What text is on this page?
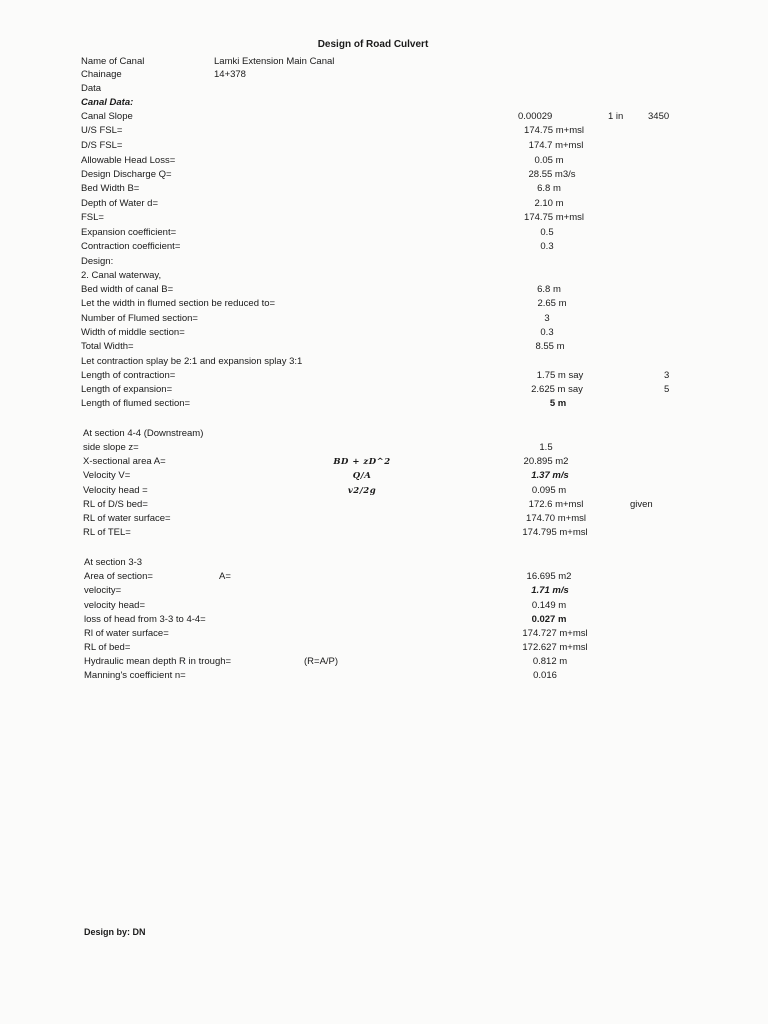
Design of Road Culvert
Name of Canal	Lamki Extension Main Canal
Chainage	14+378
Data
Canal Data:
Canal Slope	0.00029	1 in	3450
U/S FSL=	174.75 m+msl
D/S FSL=	174.7 m+msl
Allowable Head Loss=	0.05 m
Design Discharge Q=	28.55 m3/s
Bed Width B=	6.8 m
Depth of Water d=	2.10 m
FSL=	174.75 m+msl
Expansion coefficient=	0.5
Contraction coefficient=	0.3
Design:
2. Canal waterway,
Bed width of canal B=	6.8 m
Let the width in flumed section be reduced to=	2.65 m
Number of Flumed section=	3
Width of middle section=	0.3
Total Width=	8.55 m
Let contraction splay be 2:1 and expansion splay 3:1
Length of contraction=	1.75 m say	3
Length of expansion=	2.625 m say	5
Length of flumed section=	5 m
At section 4-4 (Downstream)
side slope z=	1.5
X-sectional area A=	BD + zD^2	20.895 m2
Velocity V=	Q/A	1.37 m/s
Velocity head =	v2/2g	0.095 m
RL of D/S bed=	172.6 m+msl	given
RL of water surface=	174.70 m+msl
RL of TEL=	174.795 m+msl
At section 3-3
Area of section=	A=	16.695 m2
velocity=	1.71 m/s
velocity head=	0.149 m
loss of head from 3-3 to 4-4=	0.027 m
Rl of water surface=	174.727 m+msl
RL of bed=	172.627 m+msl
Hydraulic mean depth R in trough=	(R=A/P)	0.812 m
Manning's coefficient n=	0.016
Design by: DN
